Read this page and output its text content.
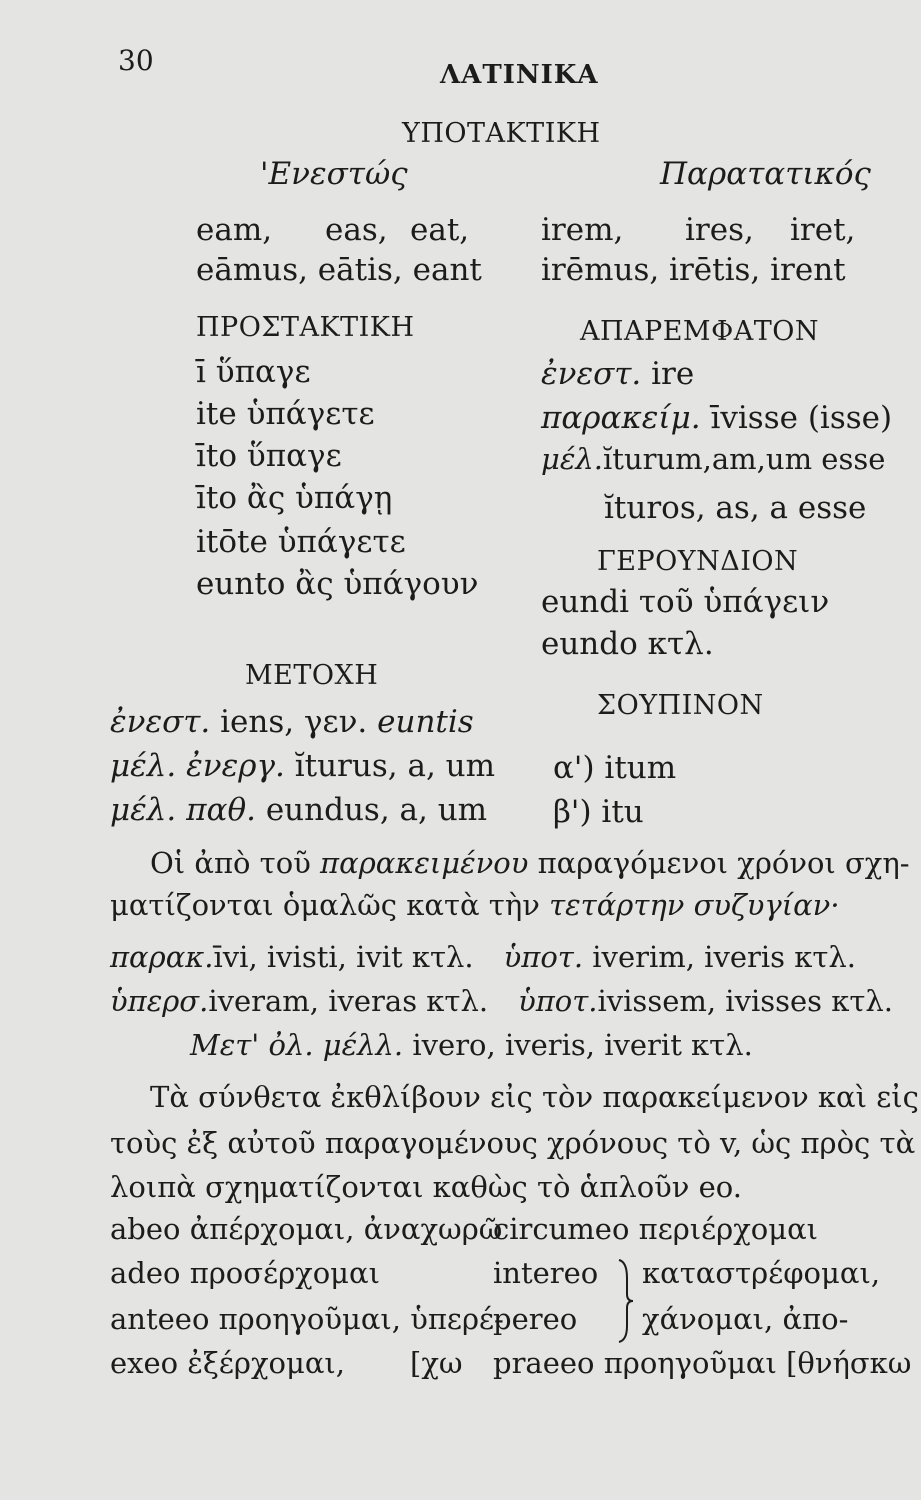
30	ΛΑΤΙΝΙΚΑ
ΥΠΟΤΑΚΤΙΚΗ
'Ενεστώς	Παρατατικός
eam, eas, eat,
eāmus, eātis, eant
irem, ires, iret,
irēmus, irētis, irent
ΠΡΟΣΤΑΚΤΙΚΗ
ī ὕπαγε
ite ὑπάγετε
īto ὕπαγε
īto ἂς ὑπάγῃ
itōte ὑπάγετε
eunto ἂς ὑπάγουν
ΑΠΑΡΕΜΦΑΤΟΝ
ἐνεστ. ire
παρακείμ. īvisse (isse)
μέλ.ĭturum,am,um esse
ĭturos, as, a esse
ΓΕΡΟΥΝΔΙΟΝ
eundi τοῦ ὑπάγειν
eundo κτλ.
ΜΕΤΟΧΗ
ἐνεστ. iens, γεν. euntis
μέλ. ἐνεργ. ĭturus, a, um
μέλ. παθ. eundus, a, um
ΣΟΥΠΙΝΟΝ
α') itum
β') itu
Οἱ ἀπὸ τοῦ παρακειμένου παραγόμενοι χρόνοι σχη-
ματίζονται ὁμαλῶς κατὰ τὴν τετάρτην συζυγίαν·
παρακ.īvi, ivisti, ivit κτλ. ὑποτ. iverim, iveris κτλ.
ὑπερσ.iveram, iveras κτλ. ὑποτ.ivissem, ivisses κτλ.
Μετ' ὀλ. μέλλ. ivero, iveris, iverit κτλ.
Τὰ σύνθετα ἐκθλίβουν εἰς τὸν παρακείμενον καὶ εἰς
τοὺς ἐξ αὐτοῦ παραγομένους χρόνους τὸ v, ὡς πρὸς τὰ
λοιπὰ σχηματίζονται καθὼς τὸ ἁπλοῦν eo.
abeo ἀπέρχομαι, ἀναχωρῶ
adeo προσέρχομαι
anteeo προηγοῦμαι, ὑπερέ-
exeo ἐξέρχομαι, [χω
circumeo περιέρχομαι
intereo
pereo
praeeo προηγοῦμαι [θνήσκω
καταστρέφομαι,
χάνομαι, ἀπο-
